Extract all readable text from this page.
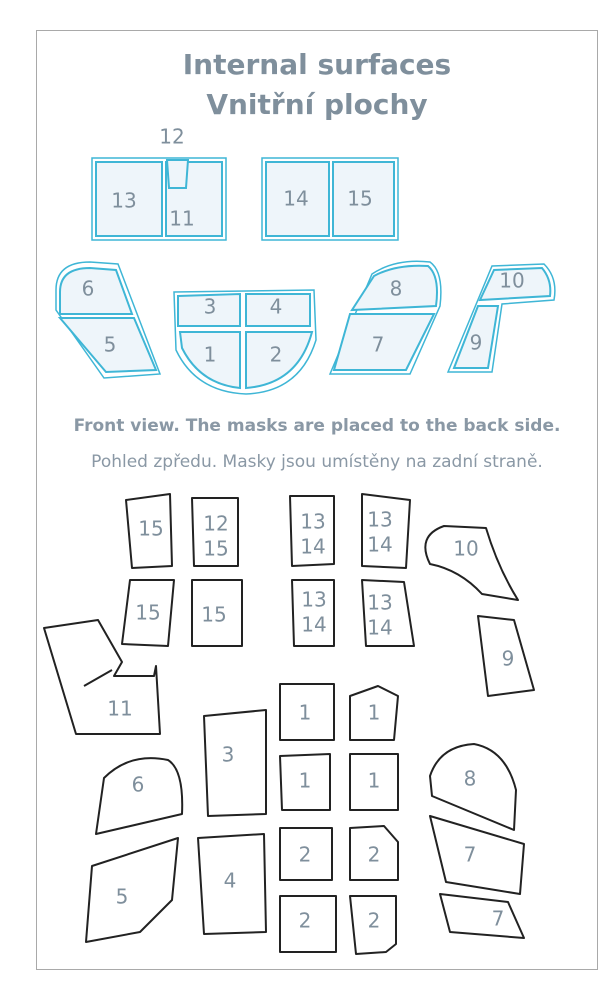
Internal surfaces
Vnitřní plochy
12
13
11
14 15
6
5
3	4
1	2
8
7
10
9
15 12
15
13
14
13
14	10
15 15
13
14
13
14
9
11	1	1
3
1	1
6	8
2	2
4
7
5
2	2	7
Front view. The masks are placed to the back side.
Pohled zpředu. Masky jsou umístěny na zadní straně.
